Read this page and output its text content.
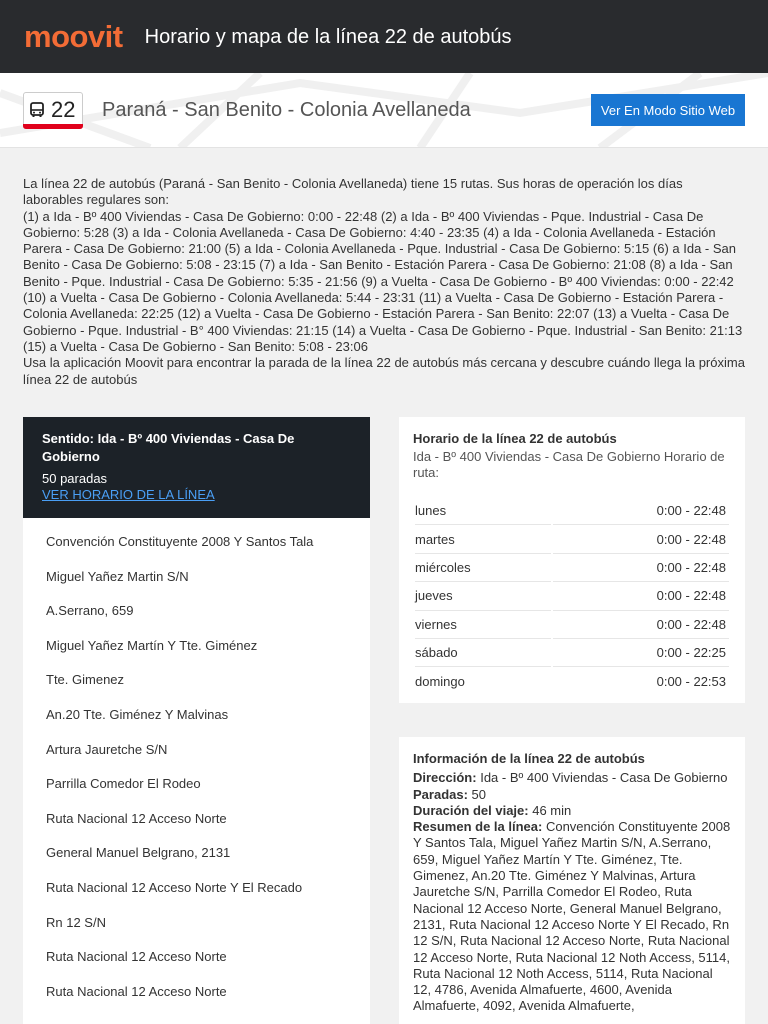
moovit Horario y mapa de la línea 22 de autobús
22 Paraná - San Benito - Colonia Avellaneda	Ver En Modo Sitio Web

La línea 22 de autobús (Paraná - San Benito - Colonia Avellaneda) tiene 15 rutas. Sus horas de operación los días laborables regulares son:

(1) a Ida - Bº 400 Viviendas - Casa De Gobierno: 0:00 - 22:48 (2) a Ida - Bº 400 Viviendas - Pque. Industrial - Casa De Gobierno: 5:28 (3) a Ida - Colonia Avellaneda - Casa De Gobierno: 4:40 - 23:35 (4) a Ida - Colonia Avellaneda - Estación Parera - Casa De Gobierno: 21:00 (5) a Ida - Colonia Avellaneda - Pque. Industrial - Casa De Gobierno: 5:15 (6) a Ida - San Benito - Casa De Gobierno: 5:08 - 23:15 (7) a Ida - San Benito - Estación Parera - Casa De Gobierno: 21:08 (8) a Ida - San Benito - Pque. Industrial - Casa De Gobierno: 5:35 - 21:56 (9) a Vuelta - Casa De Gobierno - Bº 400 Viviendas: 0:00 - 22:42 (10) a Vuelta - Casa De Gobierno - Colonia Avellaneda: 5:44 - 23:31 (11) a Vuelta - Casa De Gobierno - Estación Parera - Colonia Avellaneda: 22:25 (12) a Vuelta - Casa De Gobierno - Estación Parera - San Benito: 22:07 (13) a Vuelta - Casa De Gobierno - Pque. Industrial - B° 400 Viviendas: 21:15 (14) a Vuelta - Casa De Gobierno - Pque. Industrial - San Benito: 21:13 (15) a Vuelta - Casa De Gobierno - San Benito: 5:08 - 23:06

Usa la aplicación Moovit para encontrar la parada de la línea 22 de autobús más cercana y descubre cuándo llega la próxima línea 22 de autobús

Sentido: Ida - Bº 400 Viviendas - Casa De Gobierno
50 paradas
VER HORARIO DE LA LÍNEA
Convención Constituyente 2008 Y Santos Tala
Miguel Yañez Martin S/N
A.Serrano, 659
Miguel Yañez Martín Y Tte. Giménez
Tte. Gimenez
An.20 Tte. Giménez Y Malvinas
Artura Jauretche S/N
Parrilla Comedor El Rodeo
Ruta Nacional 12 Acceso Norte
General Manuel Belgrano, 2131
Ruta Nacional 12 Acceso Norte Y El Recado
Rn 12 S/N
Ruta Nacional 12 Acceso Norte
Ruta Nacional 12 Acceso Norte
Horario de la línea 22 de autobús
Ida - Bº 400 Viviendas - Casa De Gobierno Horario de ruta:
lunes	0:00 - 22:48
martes	0:00 - 22:48
miércoles	0:00 - 22:48
jueves	0:00 - 22:48
viernes	0:00 - 22:48
sábado	0:00 - 22:25
domingo	0:00 - 22:53
Información de la línea 22 de autobús
Dirección: Ida - Bº 400 Viviendas - Casa De Gobierno
Paradas: 50
Duración del viaje: 46 min
Resumen de la línea: Convención Constituyente 2008 Y Santos Tala, Miguel Yañez Martin S/N, A.Serrano, 659, Miguel Yañez Martín Y Tte. Giménez, Tte. Gimenez, An.20 Tte. Giménez Y Malvinas, Artura Jauretche S/N, Parrilla Comedor El Rodeo, Ruta Nacional 12 Acceso Norte, General Manuel Belgrano, 2131, Ruta Nacional 12 Acceso Norte Y El Recado, Rn 12 S/N, Ruta Nacional 12 Acceso Norte, Ruta Nacional 12 Acceso Norte, Ruta Nacional 12 Noth Access, 5114, Ruta Nacional 12 Noth Access, 5114, Ruta Nacional 12, 4786, Avenida Almafuerte, 4600, Avenida Almafuerte, 4092, Avenida Almafuerte,
